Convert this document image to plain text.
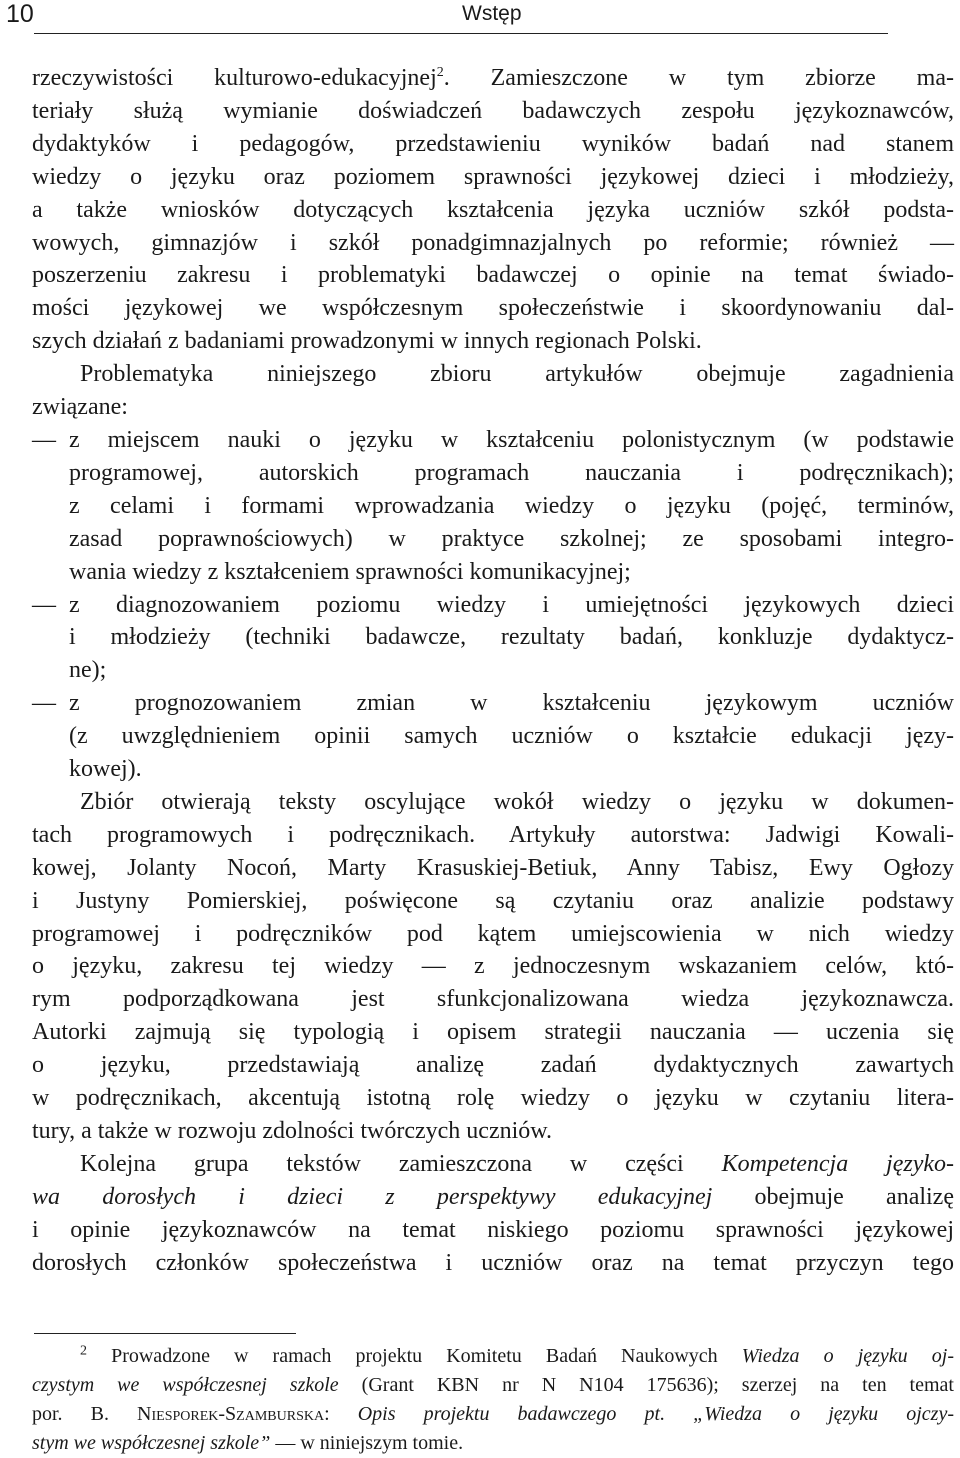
10	Wstęp
rzeczywistości kulturowo-edukacyjnej$^2$. Zamieszczone w tym zbiorze ma-
teriały służą wymianie doświadczeń badawczych zespołu językoznawców,
dydaktyków i pedagogów, przedstawieniu wyników badań nad stanem
wiedzy o języku oraz poziomem sprawności językowej dzieci i młodzieży,
a także wniosków dotyczących kształcenia języka uczniów szkół podsta-
wowych, gimnazjów i szkół ponadgimnazjalnych po reformie; również —
poszerzeniu zakresu i problematyki badawczej o opinie na temat świado-
mości językowej we współczesnym społeczeństwie i skoordynowaniu dal-
szych działań z badaniami prowadzonymi w innych regionach Polski.
Problematyka niniejszego zbioru artykułów obejmuje zagadnienia
związane:
— z miejscem nauki o języku w kształceniu polonistycznym (w podstawie
programowej, autorskich programach nauczania i podręcznikach);
z celami i formami wprowadzania wiedzy o języku (pojęć, terminów,
zasad poprawnościowych) w praktyce szkolnej; ze sposobami integro-
wania wiedzy z kształceniem sprawności komunikacyjnej;
— z diagnozowaniem poziomu wiedzy i umiejętności językowych dzieci
i młodzieży (techniki badawcze, rezultaty badań, konkluzje dydaktycz-
ne);
— z prognozowaniem zmian w kształceniu językowym uczniów
(z uwzględnieniem opinii samych uczniów o kształcie edukacji języ-
kowej).
Zbiór otwierają teksty oscylujące wokół wiedzy o języku w dokumen-
tach programowych i podręcznikach. Artykuły autorstwa: Jadwigi Kowali-
kowej, Jolanty Nocoń, Marty Krasuskiej-Betiuk, Anny Tabisz, Ewy Ogłozy
i Justyny Pomierskiej, poświęcone są czytaniu oraz analizie podstawy
programowej i podręczników pod kątem umiejscowienia w nich wiedzy
o języku, zakresu tej wiedzy — z jednoczesnym wskazaniem celów, któ-
rym podporządkowana jest sfunkcjonalizowana wiedza językoznawcza.
Autorki zajmują się typologią i opisem strategii nauczania — uczenia się
o języku, przedstawiają analizę zadań dydaktycznych zawartych
w podręcznikach, akcentują istotną rolę wiedzy o języku w czytaniu litera-
tury, a także w rozwoju zdolności twórczych uczniów.
Kolejna grupa tekstów zamieszczona w części Kompetencja języko-
wa dorosłych i dzieci z perspektywy edukacyjnej obejmuje analizę
i opinie językoznawców na temat niskiego poziomu sprawności językowej
dorosłych członków społeczeństwa i uczniów oraz na temat przyczyn tego
$^2$ Prowadzone w ramach projektu Komitetu Badań Naukowych Wiedza o języku oj-
czystym we współczesnej szkole (Grant KBN nr N N104 175636); szerzej na ten temat
por. B. Niesporek-Szamburska: Opis projektu badawczego pt. „Wiedza o języku ojczy-
stym we współczesnej szkole” — w niniejszym tomie.
